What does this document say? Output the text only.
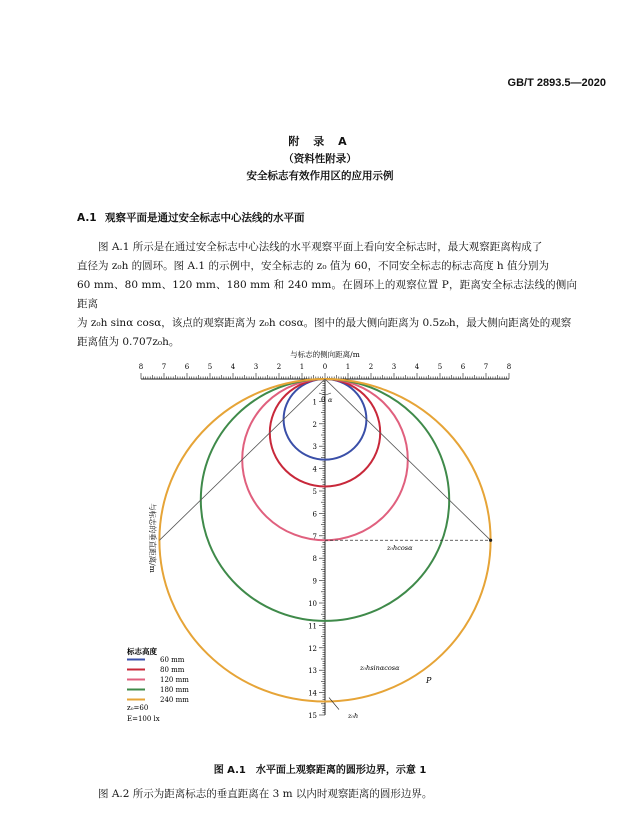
GB/T 2893.5—2020
附 录 A
（资料性附录）
安全标志有效作用区的应用示例
A.1 观察平面是通过安全标志中心法线的水平面

图 A.1 所示是在通过安全标志中心法线的水平观察平面上看向安全标志时，最大观察距离构成了

直径为 z₀h 的圆环。图 A.1 的示例中，安全标志的 z₀ 值为 60，不同安全标志的标志高度 h 值分别为

60 mm、80 mm、120 mm、180 mm 和 240 mm。在圆环上的观察位置 P，距离安全标志法线的侧向距离

为 z₀h sinα cosα，该点的观察距离为 z₀h cosα。图中的最大侧向距离为 0.5z₀h，最大侧向距离处的观察

距离值为 0.707z₀h。

8	7	6	5	4	3	2	1	0	1	2	3	4	5	6	7	8
1
2
3
4
5
6
7
8
9
10
11
12
13
14
15
与标志的侧向距离/m
与标志的垂直距离/m
0 α
z₀hcosα
z₀hsinαcosα
P
z₀h
标志高度
60 mm
80 mm
120 mm
180 mm
240 mm
z₀=60
E=100 lx
图 A.1　水平面上观察距离的圆形边界，示意 1
图 A.2 所示为距离标志的垂直距离在 3 m 以内时观察距离的圆形边界。
